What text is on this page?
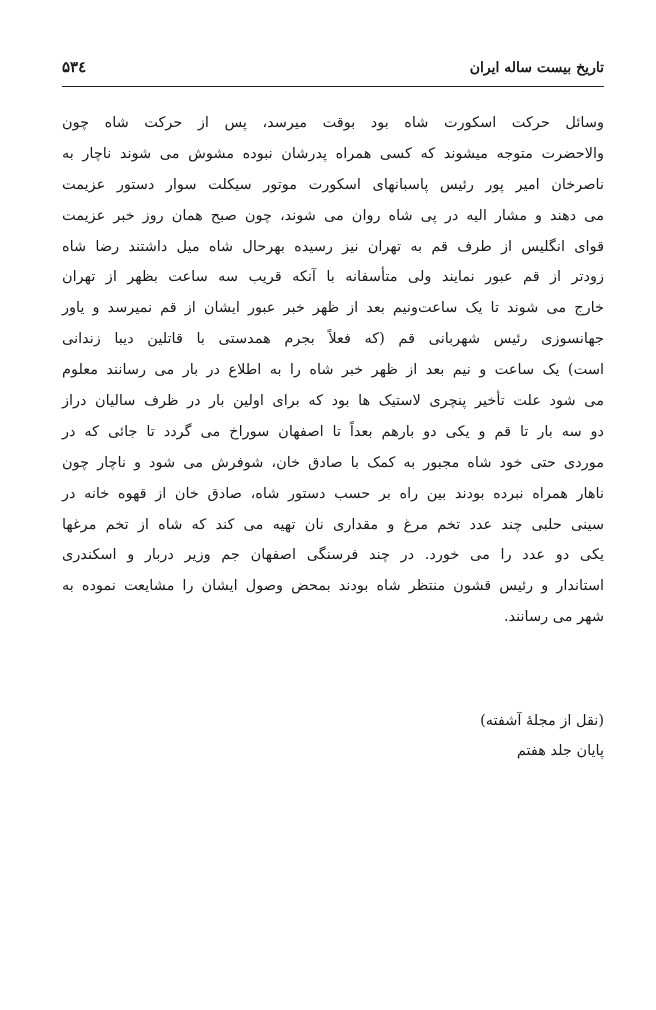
تاریخ بیست ساله ایران
۵۳٤
وسائل حرکت اسکورت شاه بود بوقت میرسد، پس از حرکت شاه چون
والاحضرت متوجه میشوند که کسی همراه پدرشان نبوده مشوش می شوند ناچار به
ناصرخان امیر پور رئیس پاسبانهای اسکورت موتور سیکلت سوار دستور عزیمت
می دهند و مشار الیه در پی شاه روان می شوند، چون صبح همان روز خبر عزیمت
قوای انگلیس از طرف قم به تهران نیز رسیده بهرحال شاه میل داشتند رضا شاه
زودتر از قم عبور نمایند ولی متأسفانه با آنکه قریب سه ساعت بظهر از تهران
خارج می شوند تا یک ساعت‌ونیم بعد از ظهر خبر عبور ایشان از قم نمیرسد و یاور
جهانسوزی رئیس شهربانی قم (که فعلاً بجرم همدستی با قاتلین دیبا زندانی
است) یک ساعت و نیم بعد از ظهر خبر شاه را به اطلاع در بار می رسانند معلوم
می شود علت تأخیر پنچری لاستیک ها بود که برای اولین بار در ظرف سالیان دراز
دو سه بار تا قم و یکی دو بارهم بعداً تا اصفهان سوراخ می گردد تا جائی که در
موردی حتی خود شاه مجبور به کمک با صادق خان، شوفرش می شود و ناچار چون
ناهار همراه نبرده بودند بین راه بر حسب دستور شاه، صادق خان از قهوه خانه در
سینی حلبی چند عدد تخم مرغ و مقداری نان تهیه می کند که شاه از تخم مرغها
یکی دو عدد را می خورد. در چند فرسنگی اصفهان جم وزیر دربار و اسکندری
استاندار و رئیس قشون منتظر شاه بودند بمحض وصول ایشان را مشایعت نموده به
شهر می رسانند.
(نقل از مجلهٔ آشفته)
پایان جلد هفتم
